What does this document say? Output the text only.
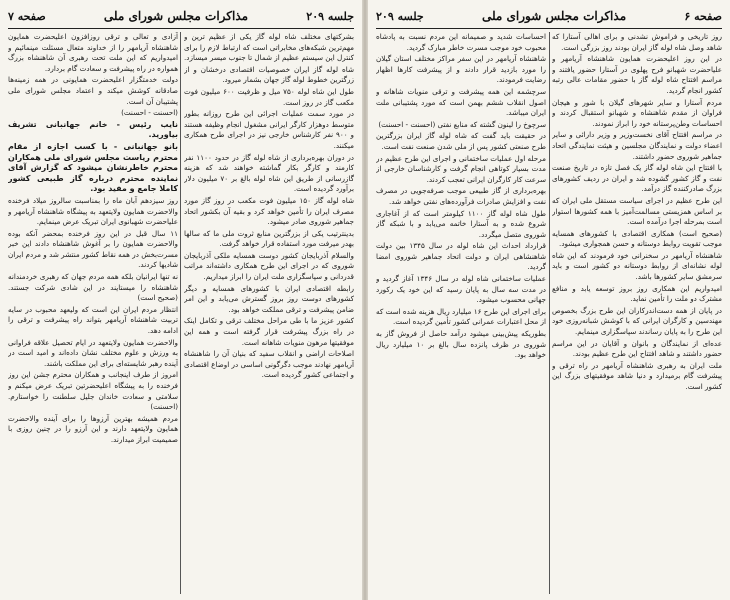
جلسه ۲۰۹
مذاکرات مجلس شورای ملی
صفحه ۷

بشرکتهای مختلف شاه لوله گاز یکی از عظیم ترین و مهم‌ترین شبکه‌های مخابراتی است که ارتباط لازم را برای کنترل این سیستم عظیم از شمال تا جنوب میسر میسازد.

شاه لوله گاز ایران خصوصیات اقتصادی درخشان و از زرگترین خطوط لوله گاز جهان بشمار میرود.

طول این شاه لوله ۷۵۰ میل و ظرفیت ۶۰۰ میلیون فوت مکعب گاز در روز است.

در مورد سمت عملیات اجرائی این طرح روزانه بطور متوسط دوهزار کارگر ایرانی مشغول انجام وظیفه هستند و ۹۰۰ نفر کارشناس خارجی نیز در اجرای طرح همکاری میکنند.

در دوران بهره‌برداری از شاه لوله گاز در حدود ۱۱۰۰ نفر کارمند و کارگر بکار گماشته خواهند شد که هزینه گازرسانی از طریق این شاه لوله بالغ بر ۷۰ میلیون دلار برآورد گردیده است.

شاه لوله گاز ۱۵۰ میلیون فوت مکعب در روز گاز مورد مصرف ایران را تأمین خواهد کرد و بقیه آن بکشور اتحاد جماهیر شوروی صادر میشود.

بدینترتیب یکی از بزرگترین منابع ثروت ملی ما که سالها بهدر میرفت مورد استفاده قرار خواهد گرفت.

والسلام آذربایجان کشور دوست همسایه ملکی آذربایجان شوروی که در اجرای این طرح همکاری داشته‌اند مراتب قدردانی و سپاسگزاری ملت ایران را ابراز میداریم.

رابطه اقتصادی ایران با کشورهای همسایه و دیگر کشورهای دوست روز بروز گسترش می‌یابد و این امر ضامن پیشرفت و ترقی مملکت خواهد بود.

کشور عزیز ما با طی مراحل مختلف ترقی و تکامل اینک در راه بزرگ پیشرفت قرار گرفته است و همه این موفقیتها مرهون منویات شاهانه است.

اصلاحات اراضی و انقلاب سفید که بنیان آن را شاهنشاه آریامهر نهادند موجب دگرگونی اساسی در اوضاع اقتصادی و اجتماعی کشور گردیده است.

آزادی و تعالی و ترقی روزافزون اعلیحضرت همایون شاهنشاه آریامهر را از خداوند متعال مسئلت مینمائیم و امیدواریم که این ملت تحت رهبری آن شاهنشاه بزرگ همواره در راه پیشرفت و سعادت گام بردارد.

دولت خدمتگزار اعلیحضرت همایونی در همه زمینه‌ها صادقانه کوشش میکند و اعتماد مجلس شورای ملی پشتیبان آن است.

(احسنت - احسنت)

نایب رئیس - خانم جهانبانی تشریف بیاورید.

بانو جهانبانی - با کسب اجازه از مقام محترم ریاست مجلس شورای ملی همکاران محترم خاطرنشان میشود که گزارش آقای نماینده محترم درباره گاز طبیعی کشور کاملا جامع و مفید بود.

روز سیزدهم آبان ماه را بمناسبت سالروز میلاد فرخنده والاحضرت همایون ولایتعهد به پیشگاه شاهنشاه آریامهر و علیاحضرت شهبانوی ایران تبریک عرض مینمایم.

۱۱ سال قبل در این روز فرخنده بمحضر آنکه بوده والاحضرت همایون را بر آغوش شاهنشاه دادند این خبر مسرت‌بخش در همه نقاط کشور منتشر شد و مردم ایران شادیها کردند.

نه تنها ایرانیان بلکه همه مردم جهان که رهبری خردمندانه شاهنشاه را میستایند در این شادی شرکت جستند. (صحیح است)

انتظار مردم ایران این است که ولیعهد محبوب در سایه تربیت شاهنشاه آریامهر بتواند راه پیشرفت و ترقی را ادامه دهد.

والاحضرت همایون ولایتعهد در ایام تحصیل علاقه فراوانی به ورزش و علوم مختلف نشان داده‌اند و امید است در آینده رهبر شایسته‌ای برای این مملکت باشند.

امروز از طرف اینجانب و همکاران محترم جشن این روز فرخنده را به پیشگاه اعلیحضرتین تبریک عرض میکنم و سلامتی و سعادت خاندان جلیل سلطنت را خواستارم. (احسنت)

مردم همیشه بهترین آرزوها را برای آینده والاحضرت همایون ولایتعهد دارند و این آرزو را در چنین روزی با صمیمیت ابراز میدارند.

صفحه ۶
مذاکرات مجلس شورای ملی
جلسه ۲۰۹

روز تاریخی و فراموش نشدنی و برای اهالی آستارا که شاهد وصل شاه لوله گاز ایران بودند روز بزرگی است.

در این روز اعلیحضرت همایون شاهنشاه آریامهر و علیاحضرت شهبانو فرح پهلوی در آستارا حضور یافتند و مراسم افتتاح شاه لوله گاز با حضور مقامات عالی رتبه کشور انجام گردید.

مردم آستارا و سایر شهرهای گیلان با شور و هیجان فراوان از مقدم شاهنشاه و شهبانو استقبال کردند و احساسات وطن‌پرستانه خود را ابراز نمودند.

در مراسم افتتاح آقای نخست‌وزیر و وزیر دارائی و سایر اعضاء دولت و نمایندگان مجلسین و هیئت نمایندگی اتحاد جماهیر شوروی حضور داشتند.

با افتتاح این شاه لوله گاز یک فصل تازه در تاریخ صنعت نفت و گاز کشور گشوده شد و ایران در ردیف کشورهای بزرگ صادرکننده گاز درآمد.

این طرح عظیم در اجرای سیاست مستقل ملی ایران که بر اساس همزیستی مسالمت‌آمیز با همه کشورها استوار است بمرحله اجرا درآمده است.

(صحیح است) همکاری اقتصادی با کشورهای همسایه موجب تقویت روابط دوستانه و حسن همجواری میشود.

شاهنشاه آریامهر در سخنرانی خود فرمودند که این شاه لوله نشانه‌ای از روابط دوستانه دو کشور است و باید سرمشق سایر کشورها باشد.

امیدواریم این همکاری روز بروز توسعه یابد و منافع مشترک دو ملت را تأمین نماید.

در پایان از همه دست‌اندرکاران این طرح بزرگ بخصوص مهندسین و کارگران ایرانی که با کوشش شبانه‌روزی خود این طرح را به پایان رساندند سپاسگزاری مینمایم.

عده‌ای از نمایندگان و بانوان و آقایان در این مراسم حضور داشتند و شاهد افتتاح این طرح عظیم بودند.

ملت ایران به رهبری شاهنشاه آریامهر در راه ترقی و پیشرفت گام برمیدارد و دنیا شاهد موفقیتهای بزرگ این کشور است.

احساسات شدید و صمیمانه این مردم نسبت به پادشاه محبوب خود موجب مسرت خاطر مبارک گردید.

شاهنشاه آریامهر در این سفر مراکز مختلف استان گیلان را مورد بازدید قرار دادند و از پیشرفت کارها اظهار رضایت فرمودند.

سرچشمه این همه پیشرفت و ترقی منویات شاهانه و اصول انقلاب ششم بهمن است که مورد پشتیبانی ملت ایران میباشد.

سرچوخ را لینون گشته که منابع نفتی (احسنت - احسنت)

در حقیقت باید گفت که شاه لوله گاز ایران بزرگترین طرح صنعتی کشور پس از ملی شدن صنعت نفت است.

مرحله اول عملیات ساختمانی و اجرای این طرح عظیم در مدت بسیار کوتاهی انجام گرفت و کارشناسان خارجی از سرعت کار کارگران ایرانی تعجب کردند.

بهره‌برداری از گاز طبیعی موجب صرفه‌جویی در مصرف نفت و افزایش صادرات فرآورده‌های نفتی خواهد شد.

طول شاه لوله گاز ۱۱۰۰ کیلومتر است که از آغاجاری شروع شده و به آستارا خاتمه می‌یابد و با شبکه گاز شوروی متصل میگردد.

قرارداد احداث این شاه لوله در سال ۱۳۴۵ بین دولت شاهنشاهی ایران و دولت اتحاد جماهیر شوروی امضا گردید.

عملیات ساختمانی شاه لوله در سال ۱۳۴۶ آغاز گردید و در مدت سه سال به پایان رسید که این خود یک رکورد جهانی محسوب میشود.

برای اجرای این طرح ۱۶ میلیارد ریال هزینه شده است که از محل اعتبارات عمرانی کشور تأمین گردیده است.

بطوریکه پیش‌بینی میشود درآمد حاصل از فروش گاز به شوروی در ظرف پانزده سال بالغ بر ۱۰ میلیارد ریال خواهد بود.
